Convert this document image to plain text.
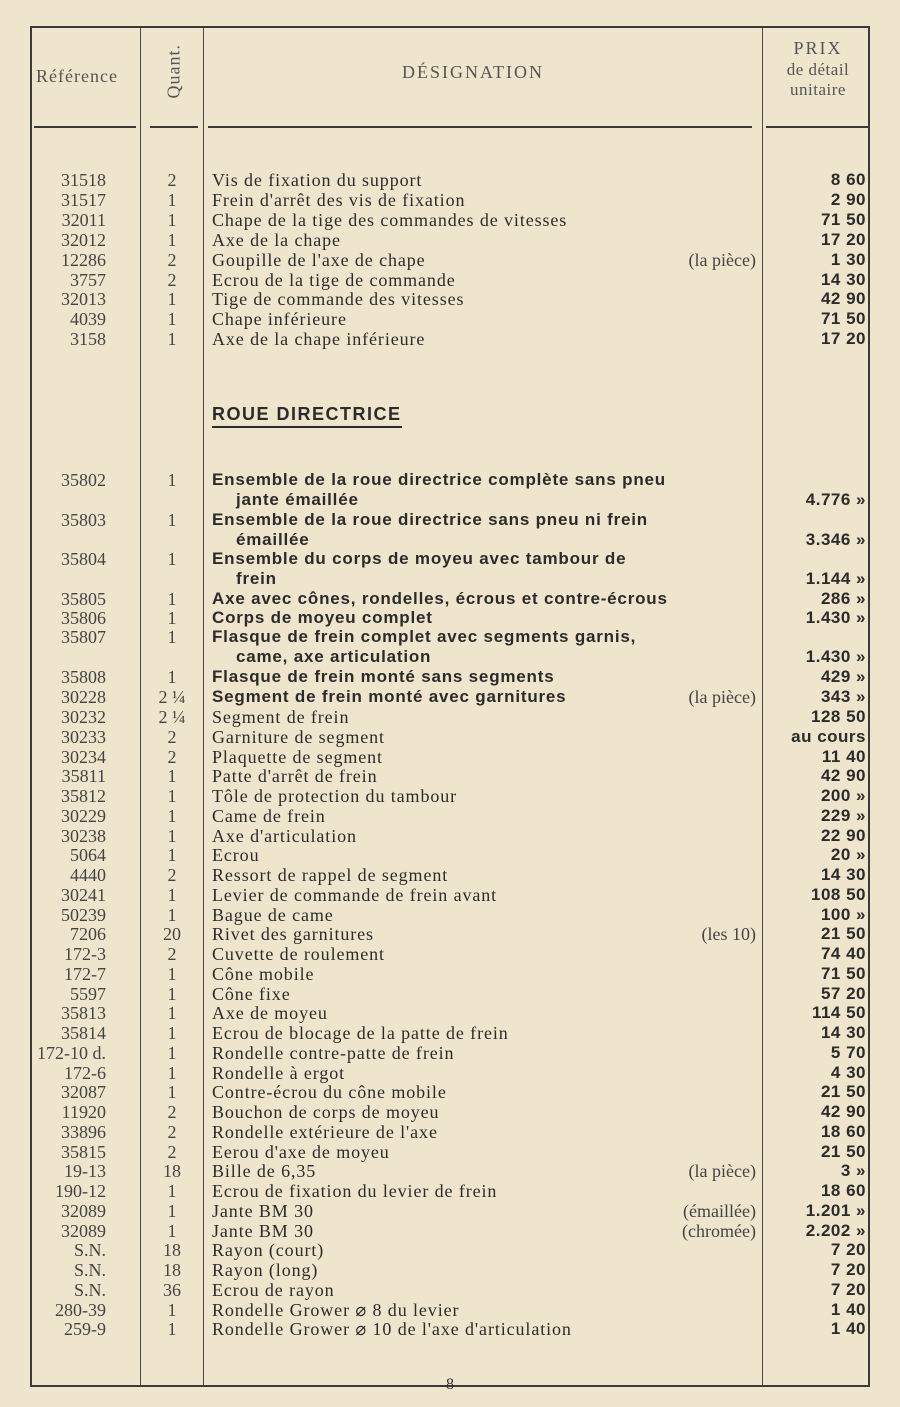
Référence	Quant.	DÉSIGNATION
PRIX
de détail
unitaire
31518	2	Vis de fixation du support	8 60
31517	1	Frein d'arrêt des vis de fixation	2 90
32011	1	Chape de la tige des commandes de vitesses	71 50
32012	1	Axe de la chape	17 20
12286	2	Goupille de l'axe de chape	(la pièce)	1 30
3757	2	Ecrou de la tige de commande	14 30
32013	1	Tige de commande des vitesses	42 90
4039	1	Chape inférieure	71 50
3158	1	Axe de la chape inférieure	17 20
ROUE DIRECTRICE
35802	1	Ensemble de la roue directrice complète sans pneu
jante émaillée	4.776 »
35803	1	Ensemble de la roue directrice sans pneu ni frein
émaillée	3.346 »
35804	1	Ensemble du corps de moyeu avec tambour de
frein	1.144 »
35805	1	Axe avec cônes, rondelles, écrous et contre-écrous	286 »
35806	1	Corps de moyeu complet	1.430 »
35807	1	Flasque de frein complet avec segments garnis,
came, axe articulation	1.430 »
35808	1	Flasque de frein monté sans segments	429 »
30228	2 ¼	Segment de frein monté avec garnitures	(la pièce)	343 »
30232	2 ¼	Segment de frein	128 50
30233	2	Garniture de segment	au cours
30234	2	Plaquette de segment	11 40
35811	1	Patte d'arrêt de frein	42 90
35812	1	Tôle de protection du tambour	200 »
30229	1	Came de frein	229 »
30238	1	Axe d'articulation	22 90
5064	1	Ecrou	20 »
4440	2	Ressort de rappel de segment	14 30
30241	1	Levier de commande de frein avant	108 50
50239	1	Bague de came	100 »
7206	20	Rivet des garnitures	(les 10)	21 50
172-3	2	Cuvette de roulement	74 40
172-7	1	Cône mobile	71 50
5597	1	Cône fixe	57 20
35813	1	Axe de moyeu	114 50
35814	1	Ecrou de blocage de la patte de frein	14 30
172-10 d.	1	Rondelle contre-patte de frein	5 70
172-6	1	Rondelle à ergot	4 30
32087	1	Contre-écrou du cône mobile	21 50
11920	2	Bouchon de corps de moyeu	42 90
33896	2	Rondelle extérieure de l'axe	18 60
35815	2	Eerou d'axe de moyeu	21 50
19-13	18	Bille de 6,35	(la pièce)	3 »
190-12	1	Ecrou de fixation du levier de frein	18 60
32089	1	Jante BM 30	(émaillée)	1.201 »
32089	1	Jante BM 30	(chromée)	2.202 »
S.N.	18	Rayon (court)	7 20
S.N.	18	Rayon (long)	7 20
S.N.	36	Ecrou de rayon	7 20
280-39	1	Rondelle Grower ⌀ 8 du levier	1 40
259-9	1	Rondelle Grower ⌀ 10 de l'axe d'articulation	1 40
8
